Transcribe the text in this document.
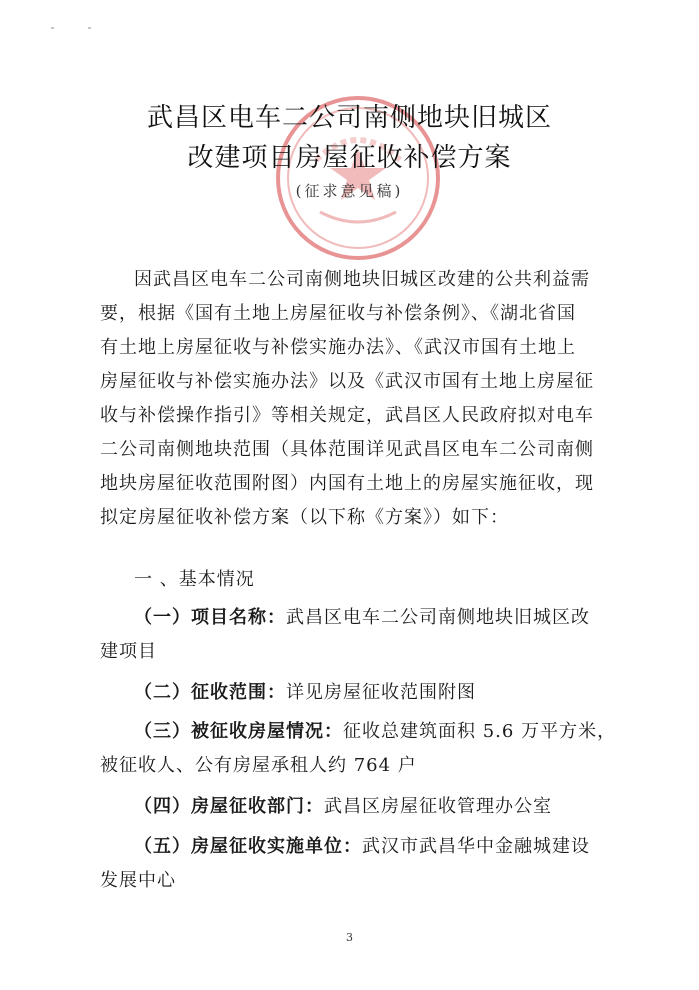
武昌区电车二公司南侧地块旧城区
改建项目房屋征收补偿方案
(征求意见稿)
因武昌区电车二公司南侧地块旧城区改建的公共利益需
要，根据《国有土地上房屋征收与补偿条例》、《湖北省国
有土地上房屋征收与补偿实施办法》、《武汉市国有土地上
房屋征收与补偿实施办法》以及《武汉市国有土地上房屋征
收与补偿操作指引》等相关规定，武昌区人民政府拟对电车
二公司南侧地块范围（具体范围详见武昌区电车二公司南侧
地块房屋征收范围附图）内国有土地上的房屋实施征收，现
拟定房屋征收补偿方案（以下称《方案》）如下：
一 、基本情况
（一）项目名称：武昌区电车二公司南侧地块旧城区改
建项目
（二）征收范围：详见房屋征收范围附图
（三）被征收房屋情况：征收总建筑面积 5.6 万平方米，
被征收人、公有房屋承租人约 764 户
（四）房屋征收部门：武昌区房屋征收管理办公室
（五）房屋征收实施单位：武汉市武昌华中金融城建设
发展中心
3
